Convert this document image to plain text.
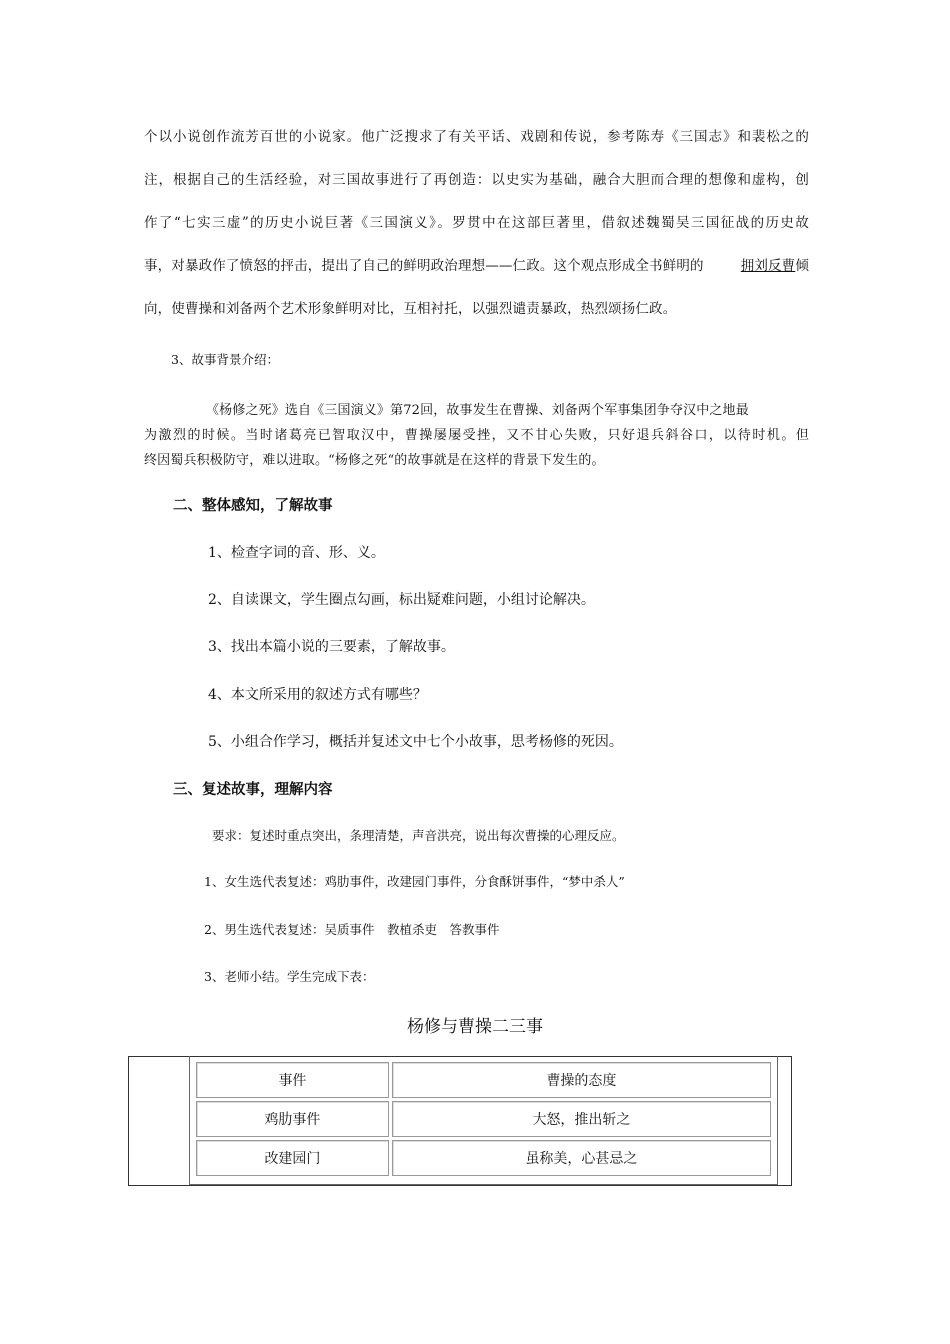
个以小说创作流芳百世的小说家。他广泛搜求了有关平话、戏剧和传说，参考陈寿《三国志》和裴松之的
注，根据自己的生活经验，对三国故事进行了再创造：以史实为基础，融合大胆而合理的想像和虚构，创
作了“七实三虚”的历史小说巨著《三国演义》。罗贯中在这部巨著里，借叙述魏蜀吴三国征战的历史故
事，对暴政作了愤怒的抨击，提出了自己的鲜明政治理想——仁政。这个观点形成全书鲜明的	拥刘反曹倾
向，使曹操和刘备两个艺术形象鲜明对比，互相衬托，以强烈谴责暴政，热烈颂扬仁政。
3、故事背景介绍：
《杨修之死》选自《三国演义》第72回，故事发生在曹操、刘备两个军事集团争夺汉中之地最
为激烈的时候。当时诸葛亮已智取汉中，曹操屡屡受挫，又不甘心失败，只好退兵斜谷口，以待时机。但
终因蜀兵积极防守，难以进取。“杨修之死“的故事就是在这样的背景下发生的。
二、整体感知，了解故事
1、检查字词的音、形、义。
2、自读课文，学生圈点勾画，标出疑难问题，小组讨论解决。
3、找出本篇小说的三要素，了解故事。
4、本文所采用的叙述方式有哪些？
5、小组合作学习，概括并复述文中七个小故事，思考杨修的死因。
三、复述故事，理解内容
要求：复述时重点突出，条理清楚，声音洪亮，说出每次曹操的心理反应。
1、女生选代表复述：鸡肋事件，改建园门事件，分食酥饼事件，“梦中杀人”
2、男生选代表复述：吴质事件　教植杀吏　答教事件
3、老师小结。学生完成下表：
杨修与曹操二三事
事件	曹操的态度
鸡肋事件	大怒，推出斩之
改建园门	虽称美，心甚忌之
